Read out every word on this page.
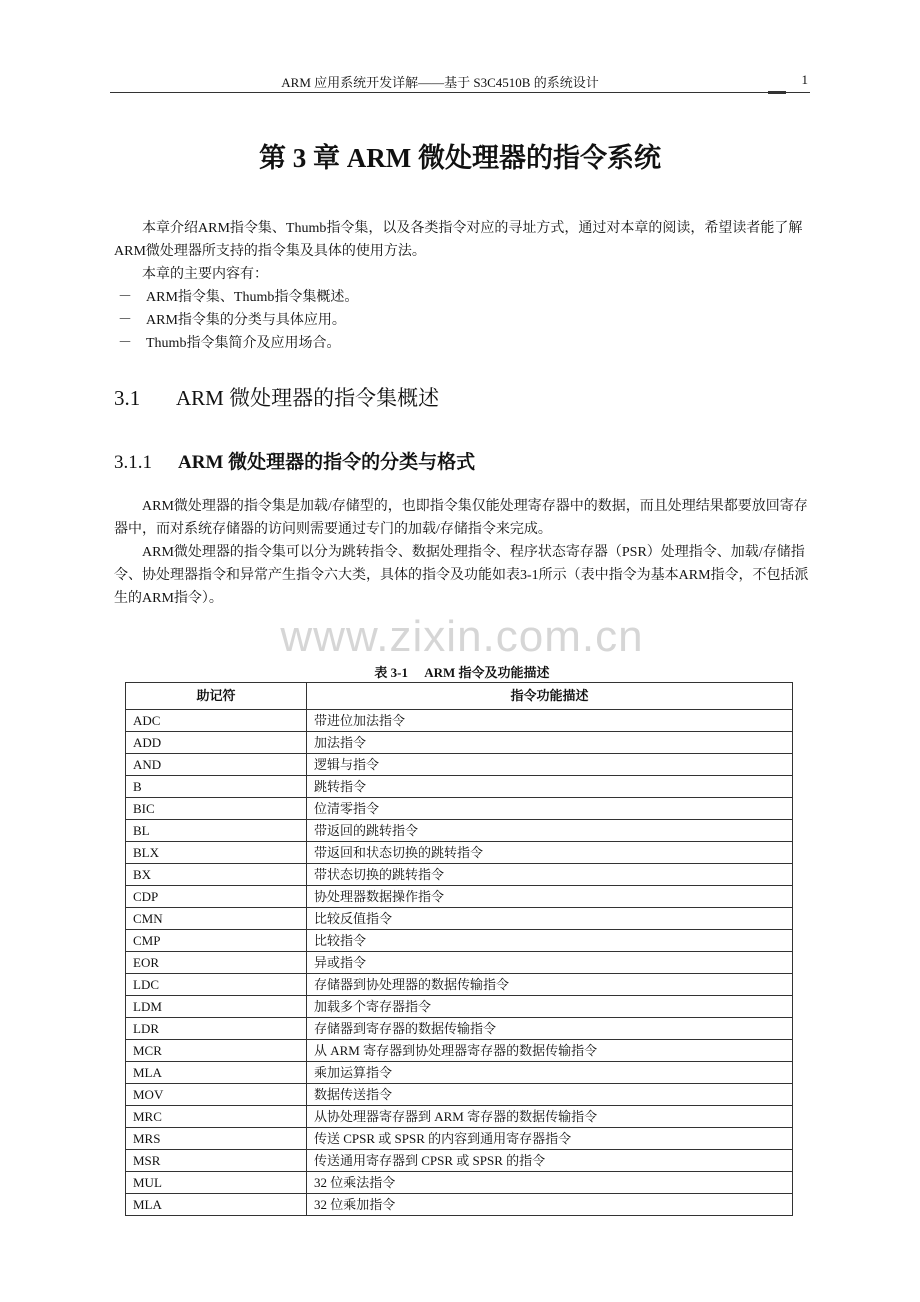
ARM 应用系统开发详解——基于 S3C4510B 的系统设计	1
第 3 章 ARM 微处理器的指令系统

本章介绍ARM指令集、Thumb指令集，以及各类指令对应的寻址方式，通过对本章的阅读，希望读者能了解ARM微处理器所支持的指令集及具体的使用方法。

本章的主要内容有：

－　ARM指令集、Thumb指令集概述。
－　ARM指令集的分类与具体应用。
－　Thumb指令集简介及应用场合。
3.1 ARM 微处理器的指令集概述
3.1.1 ARM 微处理器的指令的分类与格式

ARM微处理器的指令集是加载/存储型的，也即指令集仅能处理寄存器中的数据，而且处理结果都要放回寄存器中，而对系统存储器的访问则需要通过专门的加载/存储指令来完成。

ARM微处理器的指令集可以分为跳转指令、数据处理指令、程序状态寄存器（PSR）处理指令、加载/存储指令、协处理器指令和异常产生指令六大类，具体的指令及功能如表3-1所示（表中指令为基本ARM指令，不包括派生的ARM指令）。

www.zixin.com.cn
表 3-1　 ARM 指令及功能描述
助记符	指令功能描述
ADC	带进位加法指令
ADD	加法指令
AND	逻辑与指令
B	跳转指令
BIC	位清零指令
BL	带返回的跳转指令
BLX	带返回和状态切换的跳转指令
BX	带状态切换的跳转指令
CDP	协处理器数据操作指令
CMN	比较反值指令
CMP	比较指令
EOR	异或指令
LDC	存储器到协处理器的数据传输指令
LDM	加载多个寄存器指令
LDR	存储器到寄存器的数据传输指令
MCR	从 ARM 寄存器到协处理器寄存器的数据传输指令
MLA	乘加运算指令
MOV	数据传送指令
MRC	从协处理器寄存器到 ARM 寄存器的数据传输指令
MRS	传送 CPSR 或 SPSR 的内容到通用寄存器指令
MSR	传送通用寄存器到 CPSR 或 SPSR 的指令
MUL	32 位乘法指令
MLA	32 位乘加指令
